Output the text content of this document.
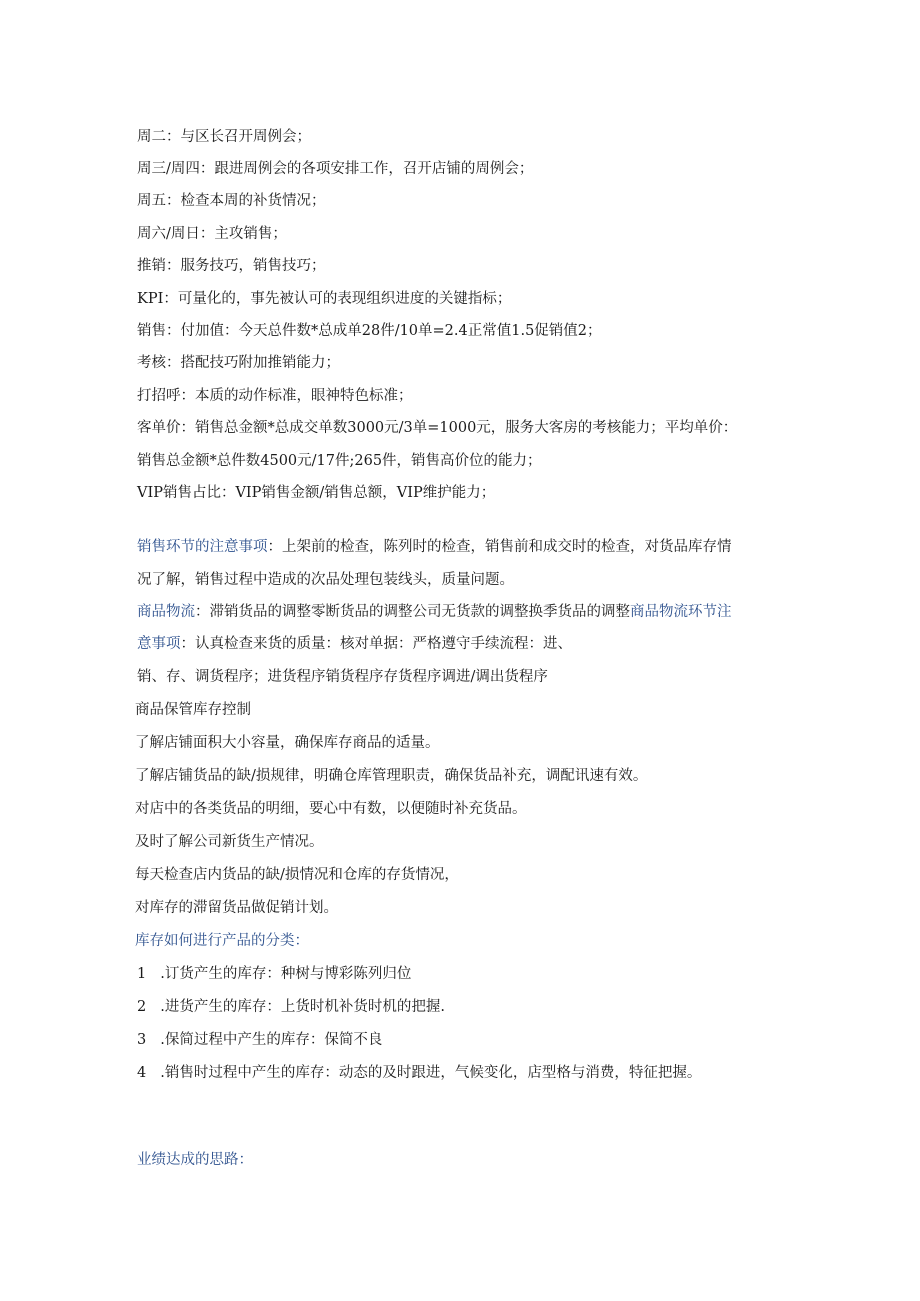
周二：与区长召开周例会；
周三/周四：跟进周例会的各项安排工作，召开店铺的周例会；
周五：检查本周的补货情况；
周六/周日：主攻销售；
推销：服务技巧，销售技巧；
KPI：可量化的，事先被认可的表现组织进度的关键指标；
销售：付加值：今天总件数*总成单28件/10单=2.4正常值1.5促销值2；
考核：搭配技巧附加推销能力；
打招呼：本质的动作标准，眼神特色标准；
客单价：销售总金额*总成交单数3000元/3单=1000元，服务大客房的考核能力；平均单价：
销售总金额*总件数4500元/17件;265件，销售高价位的能力；
VIP销售占比：VIP销售金额/销售总额，VIP维护能力；
销售环节的注意事项：上架前的检查，陈列时的检查，销售前和成交时的检查，对货品库存情
况了解，销售过程中造成的次品处理包装线头，质量问题。
商品物流：滞销货品的调整零断货品的调整公司无货款的调整换季货品的调整商品物流环节注
意事项：认真检查来货的质量：核对单据：严格遵守手续流程：进、
销、存、调货程序；进货程序销货程序存货程序调进/调出货程序
商品保管库存控制
了解店铺面积大小容量，确保库存商品的适量。
了解店铺货品的缺/损规律，明确仓库管理职责，确保货品补充，调配讯速有效。
对店中的各类货品的明细，要心中有数，以便随时补充货品。
及时了解公司新货生产情况。
每天检查店内货品的缺/损情况和仓库的存货情况，
对库存的滞留货品做促销计划。
库存如何进行产品的分类：
1 .订货产生的库存：种树与博彩陈列归位
2 .进货产生的库存：上货时机补货时机的把握.
3 .保简过程中产生的库存：保简不良
4 .销售时过程中产生的库存：动态的及时跟进，气候变化，店型格与消费，特征把握。
业绩达成的思路：
